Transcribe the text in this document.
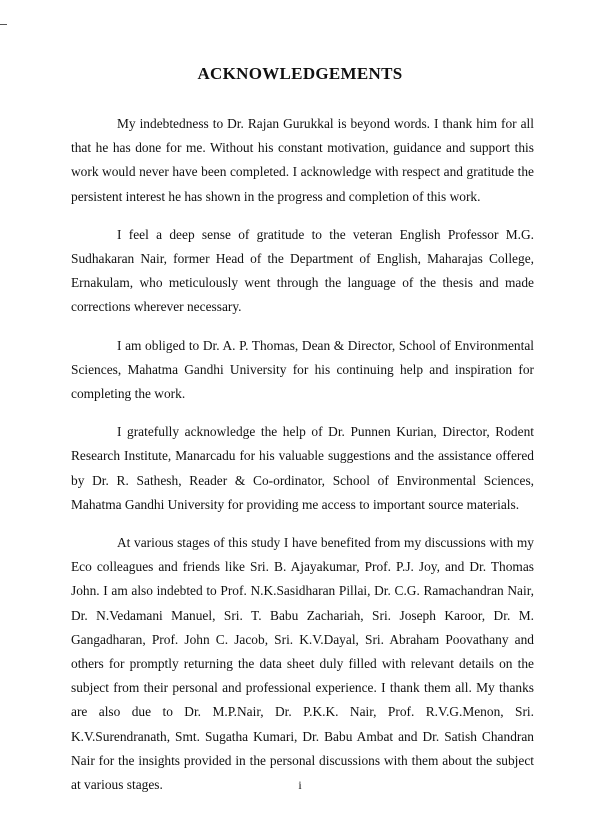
ACKNOWLEDGEMENTS

My indebtedness to Dr. Rajan Gurukkal is beyond words. I thank him for all that he has done for me. Without his constant motivation, guidance and support this work would never have been completed. I acknowledge with respect and gratitude the persistent interest he has shown in the progress and completion of this work.

I feel a deep sense of gratitude to the veteran English Professor M.G. Sudhakaran Nair, former Head of the Department of English, Maharajas College, Ernakulam, who meticulously went through the language of the thesis and made corrections wherever necessary.

I am obliged to Dr. A. P. Thomas, Dean & Director, School of Environmental Sciences, Mahatma Gandhi University for his continuing help and inspiration for completing the work.

I gratefully acknowledge the help of Dr. Punnen Kurian, Director, Rodent Research Institute, Manarcadu for his valuable suggestions and the assistance offered by Dr. R. Sathesh, Reader & Co-ordinator, School of Environmental Sciences, Mahatma Gandhi University for providing me access to important source materials.

At various stages of this study I have benefited from my discussions with my Eco colleagues and friends like Sri. B. Ajayakumar, Prof. P.J. Joy, and Dr. Thomas John. I am also indebted to Prof. N.K.Sasidharan Pillai, Dr. C.G. Ramachandran Nair, Dr. N.Vedamani Manuel, Sri. T. Babu Zachariah, Sri. Joseph Karoor, Dr. M. Gangadharan, Prof. John C. Jacob, Sri. K.V.Dayal, Sri. Abraham Poovathany and others for promptly returning the data sheet duly filled with relevant details on the subject from their personal and professional experience. I thank them all. My thanks are also due to Dr. M.P.Nair, Dr. P.K.K. Nair, Prof. R.V.G.Menon, Sri. K.V.Surendranath, Smt. Sugatha Kumari, Dr. Babu Ambat and Dr. Satish Chandran Nair for the insights provided in the personal discussions with them about the subject at various stages.	i
